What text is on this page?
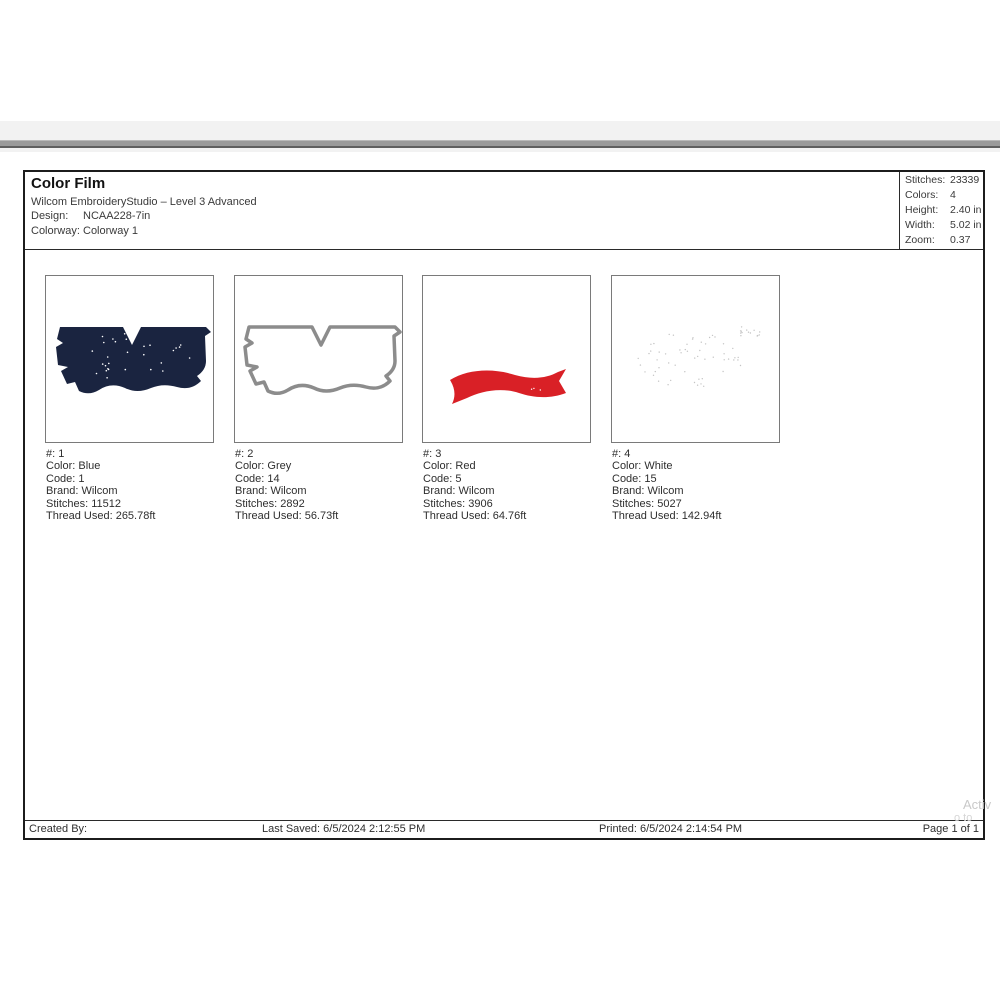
Color Film
Wilcom EmbroideryStudio – Level 3 Advanced
Design: NCAA228-7in
Colorway: Colorway 1
Stitches: 23339
Colors: 4
Height: 2.40 in
Width: 5.02 in
Zoom: 0.37
#: 1
Color: Blue
Code: 1
Brand: Wilcom
Stitches: 11512
Thread Used: 265.78ft
#: 2
Color: Grey
Code: 14
Brand: Wilcom
Stitches: 2892
Thread Used: 56.73ft
#: 3
Color: Red
Code: 5
Brand: Wilcom
Stitches: 3906
Thread Used: 64.76ft
#: 4
Color: White
Code: 15
Brand: Wilcom
Stitches: 5027
Thread Used: 142.94ft
Created By:	Last Saved: 6/5/2024 2:12:55 PM	Printed: 6/5/2024 2:14:54 PM	Page 1 of 1
Activ
o to
